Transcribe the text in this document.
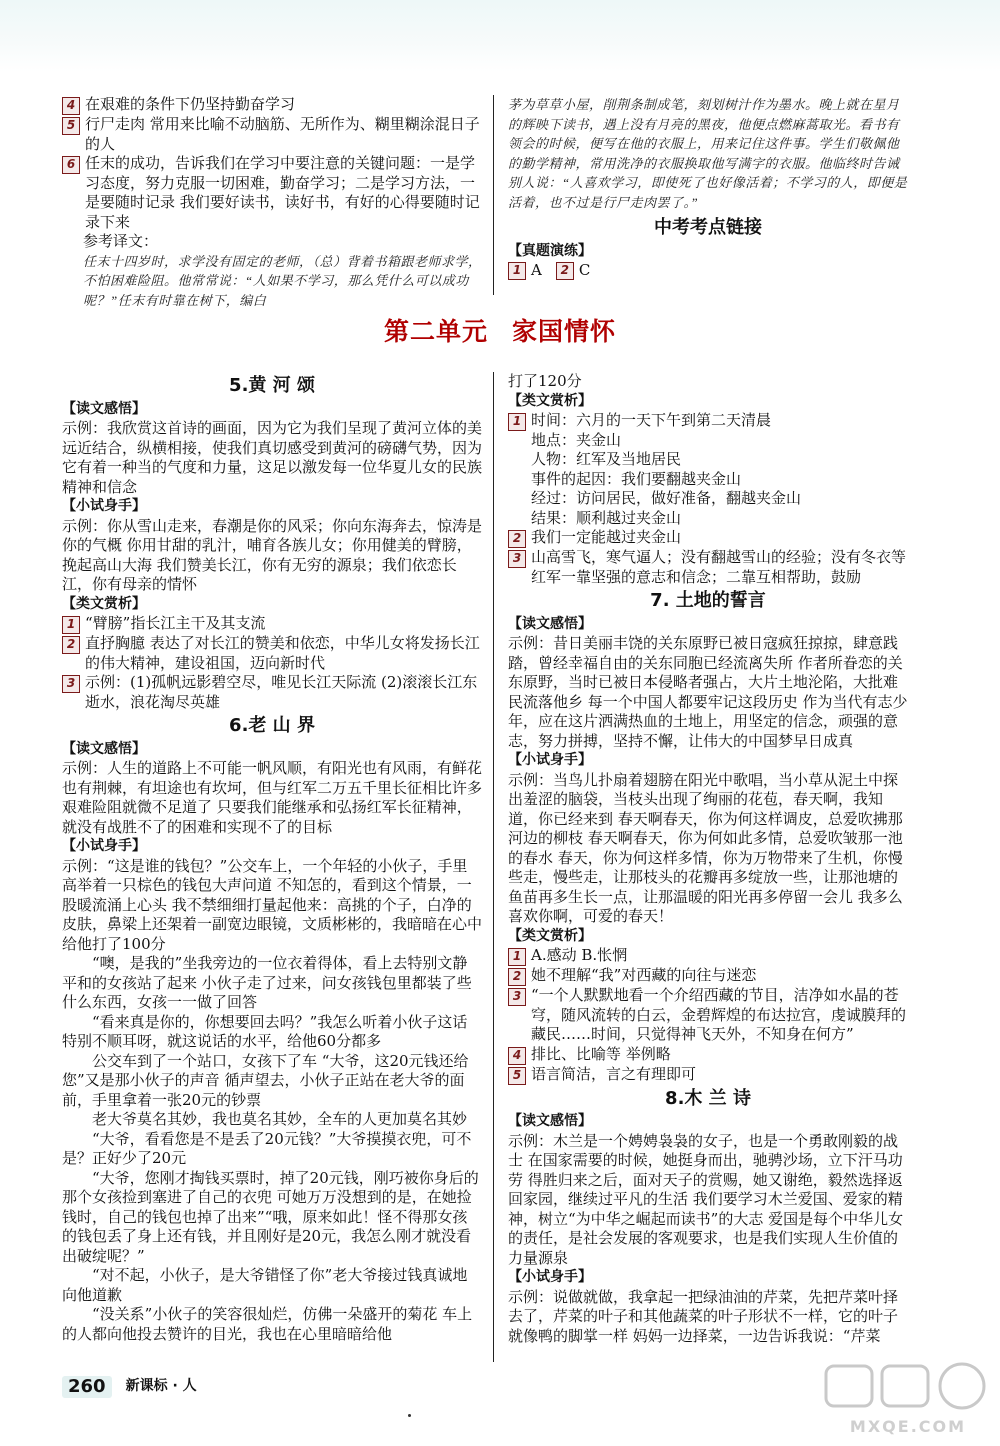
4 在艰难的条件下仍坚持勤奋学习
5 行尸走肉 常用来比喻不动脑筋、无所作为、糊里糊涂混日子的人
6 任末的成功，告诉我们在学习中要注意的关键问题：一是学习态度，努力克服一切困难，勤奋学习；二是学习方法，一是要随时记录 我们要好读书，读好书，有好的心得要随时记录下来

参考译文：

任末十四岁时，求学没有固定的老师，（总）背着书箱跟老师求学，不怕困难险阻。他常常说：“人如果不学习，那么凭什么可以成功呢？”任末有时靠在树下，编白

茅为草草小屋，削荆条制成笔，刻划树汁作为墨水。晚上就在星月的辉映下读书，遇上没有月亮的黑夜，他便点燃麻蒿取光。看书有领会的时候，便写在他的衣服上，用来记住这件事。学生们敬佩他的勤学精神，常用洗净的衣服换取他写满字的衣服。他临终时告诫别人说：“人喜欢学习，即使死了也好像活着；不学习的人，即便是活着，也不过是行尸走肉罢了。”

中考考点链接

【真题演练】

1 A	2 C
第二单元 家国情怀
5.黄 河 颂

【读文感悟】

示例：我欣赏这首诗的画面，因为它为我们呈现了黄河立体的美远近结合，纵横相接，使我们真切感受到黄河的磅礴气势，因为它有着一种当的气度和力量，这足以激发每一位华夏儿女的民族精神和信念

【小试身手】

示例：你从雪山走来，春潮是你的风采；你向东海奔去，惊涛是你的气概 你用甘甜的乳汁，哺育各族儿女；你用健美的臂膀，挽起高山大海 我们赞美长江，你有无穷的源泉；我们依恋长江，你有母亲的情怀

【类文赏析】

1 “臂膀”指长江主干及其支流
2 直抒胸臆 表达了对长江的赞美和依恋，中华儿女将发扬长江的伟大精神，建设祖国，迈向新时代
3 示例：(1)孤帆远影碧空尽，唯见长江天际流 (2)滚滚长江东逝水，浪花淘尽英雄
6.老 山 界

【读文感悟】

示例：人生的道路上不可能一帆风顺，有阳光也有风雨，有鲜花也有荆棘，有坦途也有坎坷，但与红军二万五千里长征相比许多艰难险阻就微不足道了 只要我们能继承和弘扬红军长征精神，就没有战胜不了的困难和实现不了的目标

【小试身手】

示例：“这是谁的钱包？”公交车上，一个年轻的小伙子，手里高举着一只棕色的钱包大声问道 不知怎的，看到这个情景，一股暖流涌上心头 我不禁细细打量起他来：高挑的个子，白净的皮肤，鼻梁上还架着一副宽边眼镜，文质彬彬的，我暗暗在心中给他打了100分

“噢，是我的”坐我旁边的一位衣着得体，看上去特别文静平和的女孩站了起来 小伙子走了过来，问女孩钱包里都装了些什么东西，女孩一一做了回答

“看来真是你的，你想要回去吗？”我怎么听着小伙子这话特别不顺耳呀，就这说话的水平，给他60分都多

公交车到了一个站口，女孩下了车 “大爷，这20元钱还给您”又是那小伙子的声音 循声望去，小伙子正站在老大爷的面前，手里拿着一张20元的钞票

老大爷莫名其妙，我也莫名其妙，全车的人更加莫名其妙

“大爷，看看您是不是丢了20元钱？”大爷摸摸衣兜，可不是？正好少了20元

“大爷，您刚才掏钱买票时，掉了20元钱，刚巧被你身后的那个女孩捡到塞进了自己的衣兜 可她万万没想到的是，在她捡钱时，自己的钱包也掉了出来”“哦，原来如此！怪不得那女孩的钱包丢了身上还有钱，并且刚好是20元，我怎么刚才就没看出破绽呢？”

“对不起，小伙子，是大爷错怪了你”老大爷接过钱真诚地向他道歉

“没关系”小伙子的笑容很灿烂，仿佛一朵盛开的菊花 车上的人都向他投去赞许的目光，我也在心里暗暗给他

打了120分

【类文赏析】

1 时间：六月的一天下午到第二天清晨

地点：夹金山

人物：红军及当地居民

事件的起因：我们要翻越夹金山

经过：访问居民，做好准备，翻越夹金山

结果：顺利越过夹金山

2 我们一定能越过夹金山
3 山高雪飞，寒气逼人；没有翻越雪山的经验；没有冬衣等 红军一靠坚强的意志和信念；二靠互相帮助，鼓励
7. 土地的誓言

【读文感悟】

示例：昔日美丽丰饶的关东原野已被日寇疯狂掠掠，肆意践踏，曾经幸福自由的关东同胞已经流离失所 作者所眷恋的关东原野，当时已被日本侵略者强占，大片土地沦陷，大批难民流落他乡 每一个中国人都要牢记这段历史 作为当代有志少年，应在这片洒满热血的土地上，用坚定的信念，顽强的意志，努力拼搏，坚持不懈，让伟大的中国梦早日成真

【小试身手】

示例：当鸟儿扑扇着翅膀在阳光中歌唱，当小草从泥土中探出羞涩的脑袋，当枝头出现了绚丽的花苞，春天啊，我知道，你已经来到 春天啊春天，你为何这样调皮，总爱吹拂那河边的柳枝 春天啊春天，你为何如此多情，总爱吹皱那一池的春水 春天，你为何这样多情，你为万物带来了生机，你慢些走，慢些走，让那枝头的花瓣再多绽放一些，让那池塘的鱼苗再多生长一点，让那温暖的阳光再多停留一会儿 我多么喜欢你啊，可爱的春天！

【类文赏析】

1 A.感动 B.怅惘
2 她不理解“我”对西藏的向往与迷恋
3 “一个人默默地看一个介绍西藏的节目，洁净如水晶的苍穹，随风流转的白云，金碧辉煌的布达拉宫，虔诚膜拜的藏民……时间，只觉得神飞天外，不知身在何方”
4 排比、比喻等 举例略
5 语言简洁，言之有理即可
8.木 兰 诗

【读文感悟】

示例：木兰是一个娉娉袅袅的女子，也是一个勇敢刚毅的战士 在国家需要的时候，她挺身而出，驰骋沙场，立下汗马功劳 得胜归来之后，面对天子的赏赐，她又谢绝，毅然选择返回家园，继续过平凡的生活 我们要学习木兰爱国、爱家的精神，树立“为中华之崛起而读书”的大志 爱国是每个中华儿女的责任，是社会发展的客观要求，也是我们实现人生价值的力量源泉

【小试身手】

示例：说做就做，我拿起一把绿油油的芹菜，先把芹菜叶择去了，芹菜的叶子和其他蔬菜的叶子形状不一样，它的叶子就像鸭的脚掌一样 妈妈一边择菜，一边告诉我说：“芹菜

260	新课标 · 人
MXQE.COM
